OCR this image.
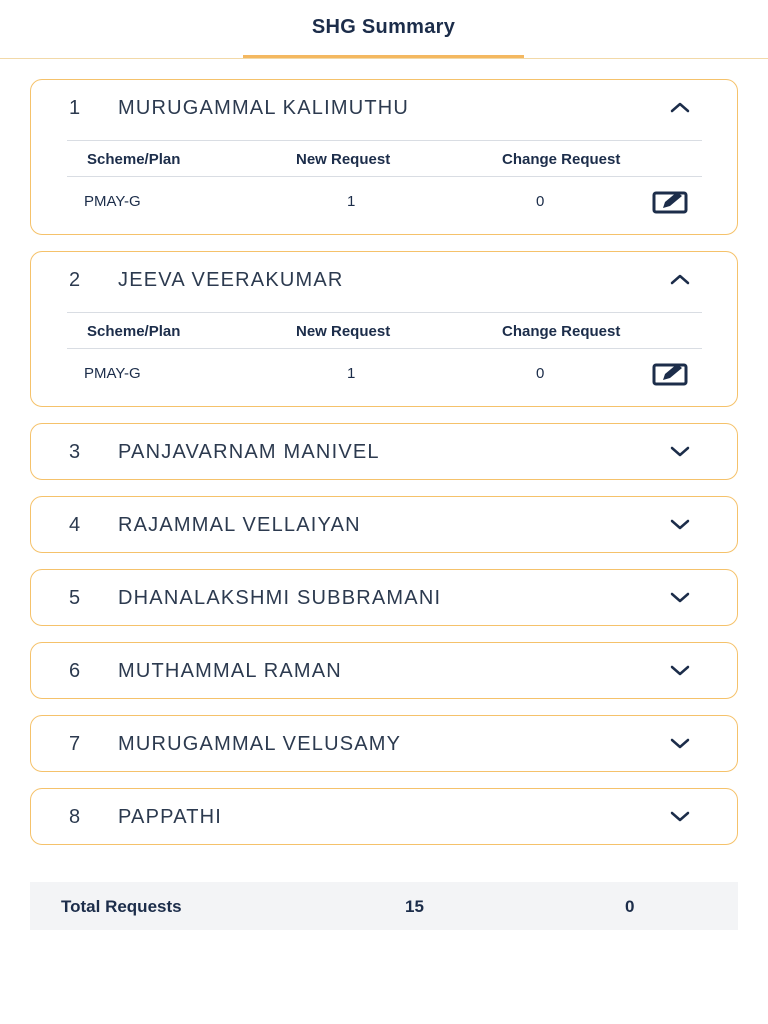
SHG Summary
1 MURUGAMMAL KALIMUTHU
Scheme/Plan	New Request	Change Request
PMAY-G	1	0
2 JEEVA VEERAKUMAR
Scheme/Plan	New Request	Change Request
PMAY-G	1	0
3 PANJAVARNAM MANIVEL
4 RAJAMMAL VELLAIYAN
5 DHANALAKSHMI SUBBRAMANI
6 MUTHAMMAL RAMAN
7 MURUGAMMAL VELUSAMY
8 PAPPATHI
Total Requests	15	0
